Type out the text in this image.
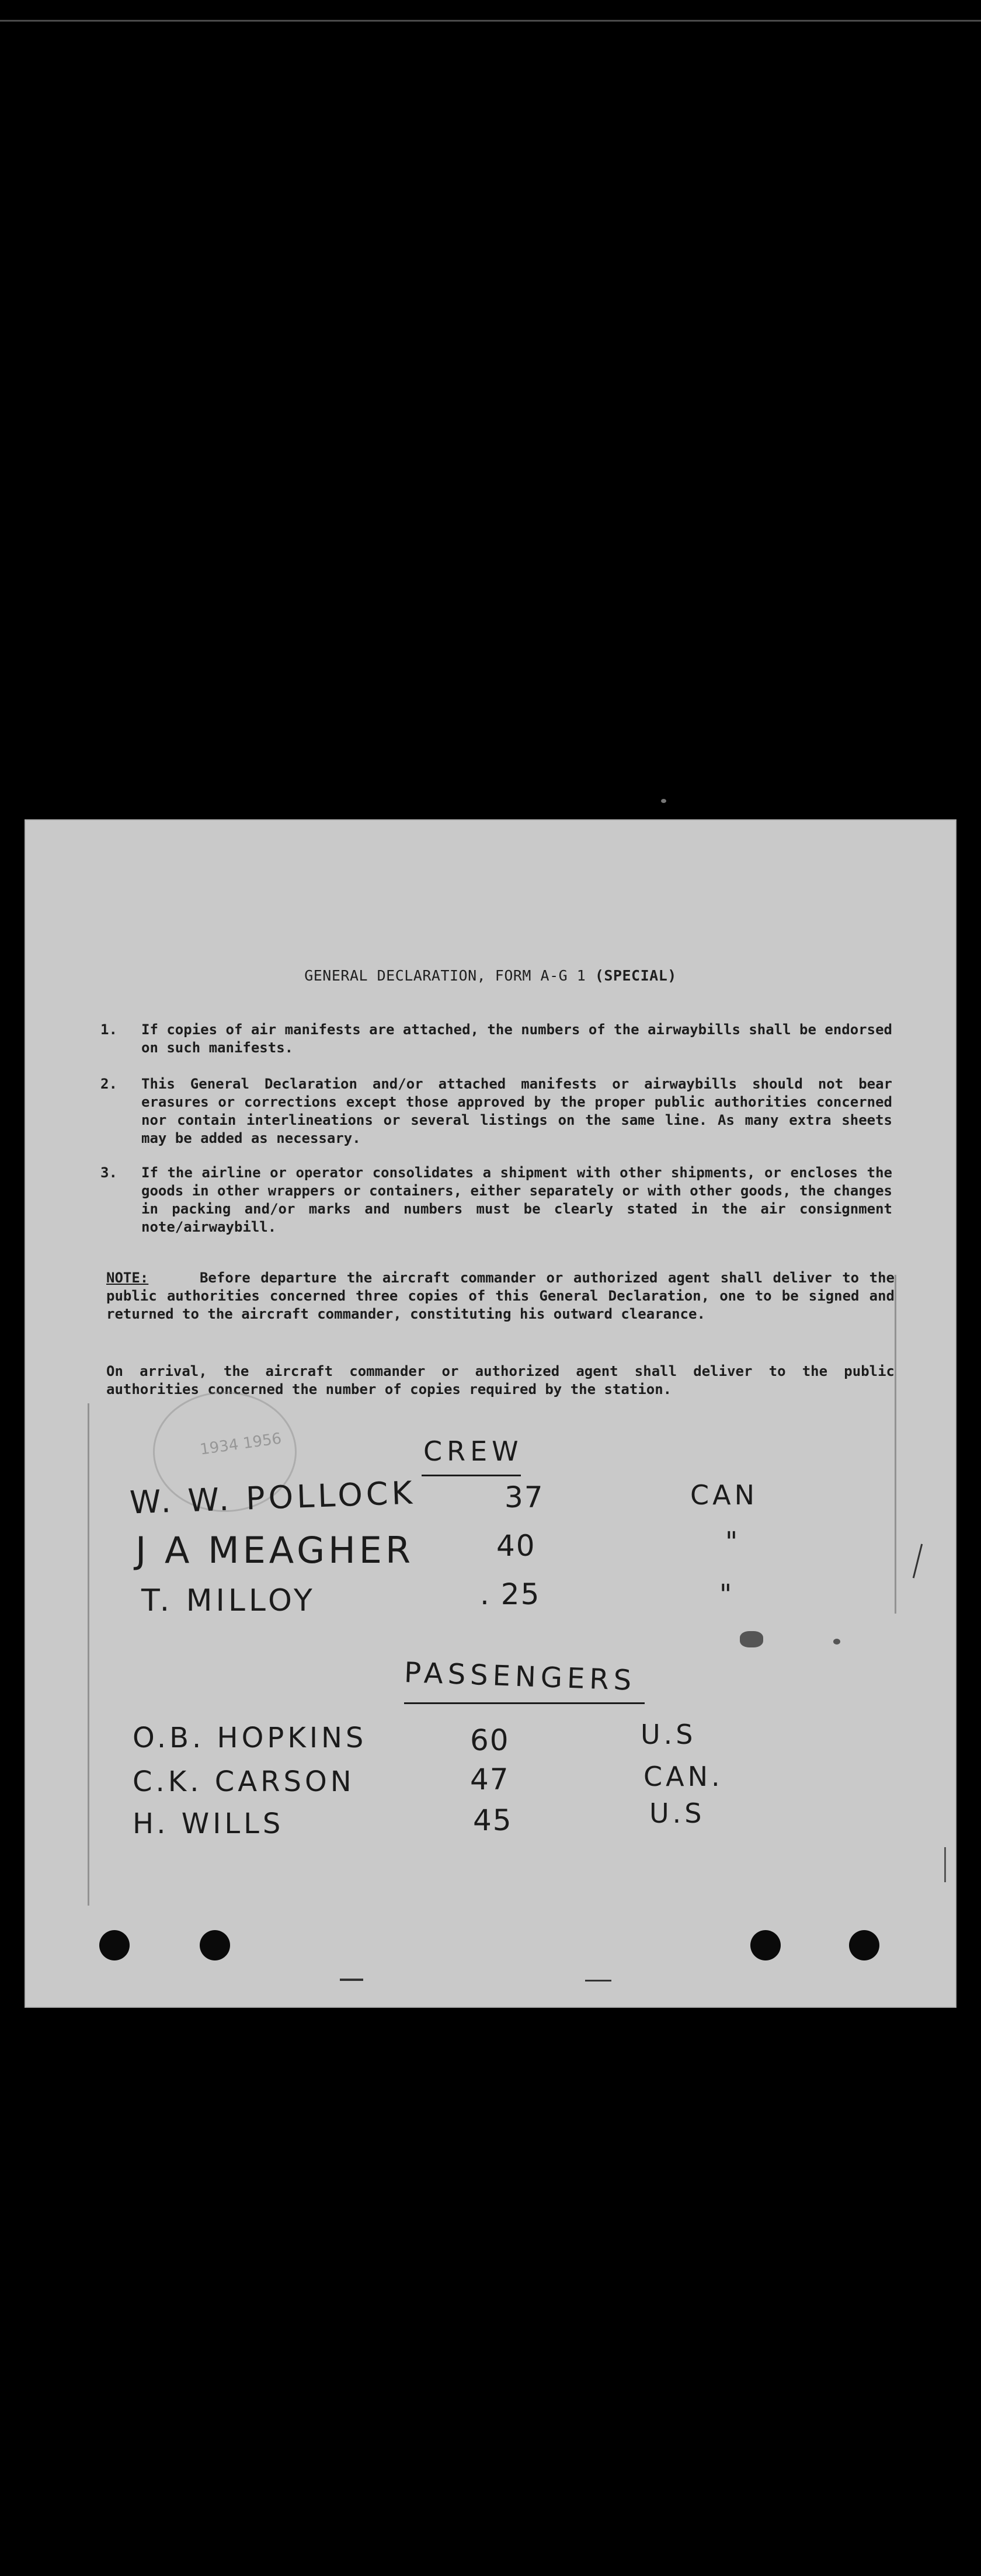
GENERAL DECLARATION, FORM A-G 1 (SPECIAL)
1. If copies of air manifests are attached, the numbers of the airwaybills shall be endorsed on such manifests.
2. This General Declaration and/or attached manifests or airwaybills should not bear erasures or corrections except those approved by the proper public authorities concerned nor contain interlineations or several listings on the same line. As many extra sheets may be added as necessary.
3. If the airline or operator consolidates a shipment with other shipments, or encloses the goods in other wrappers or containers, either separately or with other goods, the changes in packing and/or marks and numbers must be clearly stated in the air consignment note/airwaybill.
NOTE:	Before departure the aircraft commander or authorized agent shall deliver to the public authorities concerned three copies of this General Declaration, one to be signed and returned to the aircraft commander, constituting his outward clearance.
On arrival, the aircraft commander or authorized agent shall deliver to the public authorities concerned the number of copies required by the station.
1934 1956	CREW
W. W. POLLOCK	37	CAN
J A MEAGHER	40	"
T. MILLOY	. 25	"
PASSENGERS
O.B. HOPKINS	60	U.S
C.K. CARSON	47	CAN.
H. WILLS	45	U.S
